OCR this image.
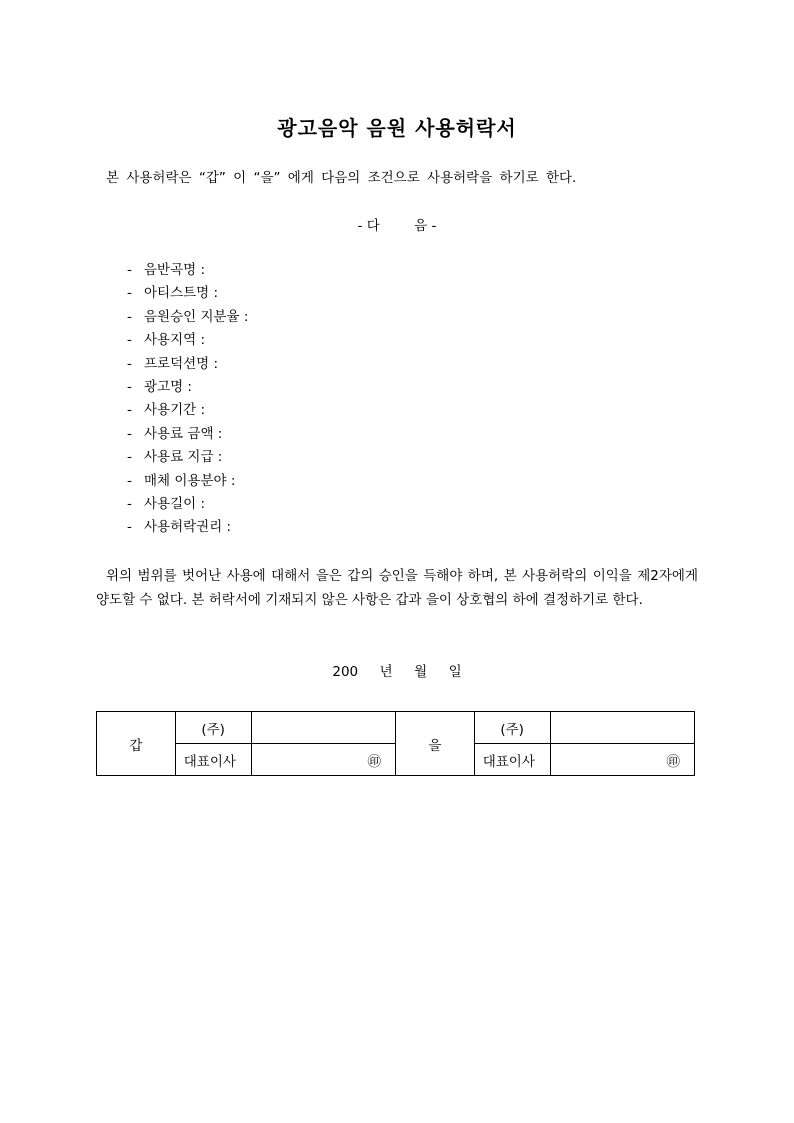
광고음악 음원 사용허락서
본 사용허락은 “갑” 이 “을” 에게 다음의 조건으로 사용허락을 하기로 한다.
- 다        음 -
- 음반곡명 :
- 아티스트명 :
- 음원승인 지분율 :
- 사용지역 :
- 프로덕션명 :
- 광고명 :
- 사용기간 :
- 사용료 금액 :
- 사용료 지급 :
- 매체 이용분야 :
- 사용길이 :
- 사용허락권리 :

위의 범위를 벗어난 사용에 대해서 을은 갑의 승인을 득해야 하며, 본 사용허락의 이익을 제2자에게 양도할 수 없다. 본 허락서에 기재되지 않은 사항은 갑과 을이 상호협의 하에 결정하기로 한다.

200     년     월     일
갑	(주)		을	(주)	
	대표이사	㊞		대표이사	㊞
